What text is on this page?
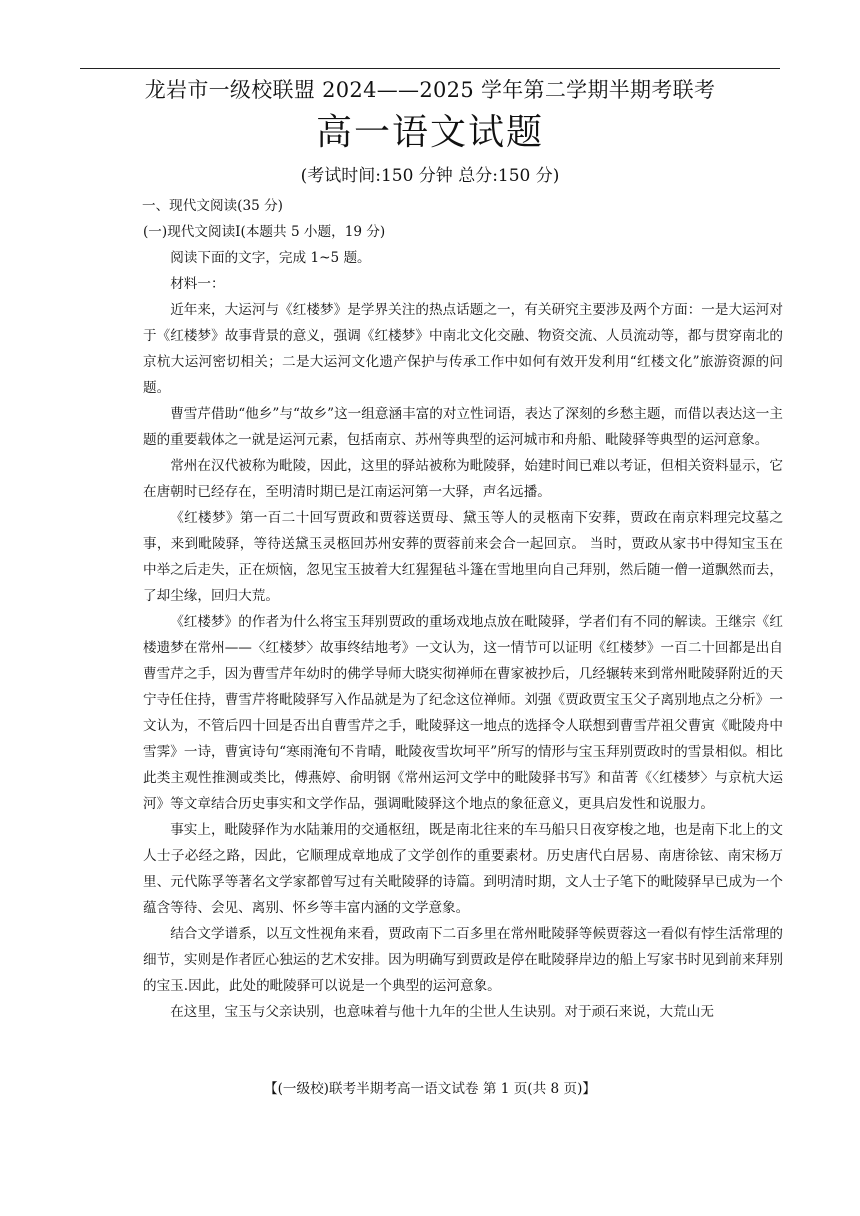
龙岩市一级校联盟 2024——2025 学年第二学期半期考联考
高一语文试题
(考试时间:150 分钟 总分:150 分)

一、现代文阅读(35 分)

(一)现代文阅读Ⅰ(本题共 5 小题，19 分)

阅读下面的文字，完成 1~5 题。

材料一：

近年来，大运河与《红楼梦》是学界关注的热点话题之一，有关研究主要涉及两个方面：一是大运河对于《红楼梦》故事背景的意义，强调《红楼梦》中南北文化交融、物资交流、人员流动等，都与贯穿南北的京杭大运河密切相关；二是大运河文化遗产保护与传承工作中如何有效开发利用“红楼文化”旅游资源的问题。

曹雪芹借助“他乡”与“故乡”这一组意涵丰富的对立性词语，表达了深刻的乡愁主题，而借以表达这一主题的重要载体之一就是运河元素，包括南京、苏州等典型的运河城市和舟船、毗陵驿等典型的运河意象。

常州在汉代被称为毗陵，因此，这里的驿站被称为毗陵驿，始建时间已难以考证，但相关资料显示，它在唐朝时已经存在，至明清时期已是江南运河第一大驿，声名远播。

《红楼梦》第一百二十回写贾政和贾蓉送贾母、黛玉等人的灵柩南下安葬，贾政在南京料理完坟墓之事，来到毗陵驿，等待送黛玉灵柩回苏州安葬的贾蓉前来会合一起回京。 当时，贾政从家书中得知宝玉在中举之后走失，正在烦恼，忽见宝玉披着大红猩猩毡斗篷在雪地里向自己拜别，然后随一僧一道飘然而去，了却尘缘，回归大荒。

《红楼梦》的作者为什么将宝玉拜别贾政的重场戏地点放在毗陵驿，学者们有不同的解读。王继宗《红楼遗梦在常州——〈红楼梦〉故事终结地考》一文认为，这一情节可以证明《红楼梦》一百二十回都是出自曹雪芹之手，因为曹雪芹年幼时的佛学导师大晓实彻禅师在曹家被抄后，几经辗转来到常州毗陵驿附近的天宁寺任住持，曹雪芹将毗陵驿写入作品就是为了纪念这位禅师。刘强《贾政贾宝玉父子离别地点之分析》一文认为，不管后四十回是否出自曹雪芹之手，毗陵驿这一地点的选择令人联想到曹雪芹祖父曹寅《毗陵舟中雪霁》一诗，曹寅诗句“寒雨淹旬不肯晴，毗陵夜雪坎坷平”所写的情形与宝玉拜别贾政时的雪景相似。相比此类主观性推测或类比，傅燕婷、俞明钢《常州运河文学中的毗陵驿书写》和苗菁《〈红楼梦〉与京杭大运河》等文章结合历史事实和文学作品，强调毗陵驿这个地点的象征意义，更具启发性和说服力。

事实上，毗陵驿作为水陆兼用的交通枢纽，既是南北往来的车马船只日夜穿梭之地，也是南下北上的文人士子必经之路，因此，它顺理成章地成了文学创作的重要素材。历史唐代白居易、南唐徐铉、南宋杨万里、元代陈孚等著名文学家都曾写过有关毗陵驿的诗篇。到明清时期，文人士子笔下的毗陵驿早已成为一个蕴含等待、会见、离别、怀乡等丰富内涵的文学意象。

结合文学谱系，以互文性视角来看，贾政南下二百多里在常州毗陵驿等候贾蓉这一看似有悖生活常理的细节，实则是作者匠心独运的艺术安排。因为明确写到贾政是停在毗陵驿岸边的船上写家书时见到前来拜别的宝玉.因此，此处的毗陵驿可以说是一个典型的运河意象。

在这里，宝玉与父亲诀别，也意味着与他十九年的尘世人生诀别。对于顽石来说，大荒山无

【(一级校)联考半期考高一语文试卷 第 1 页(共 8 页)】
